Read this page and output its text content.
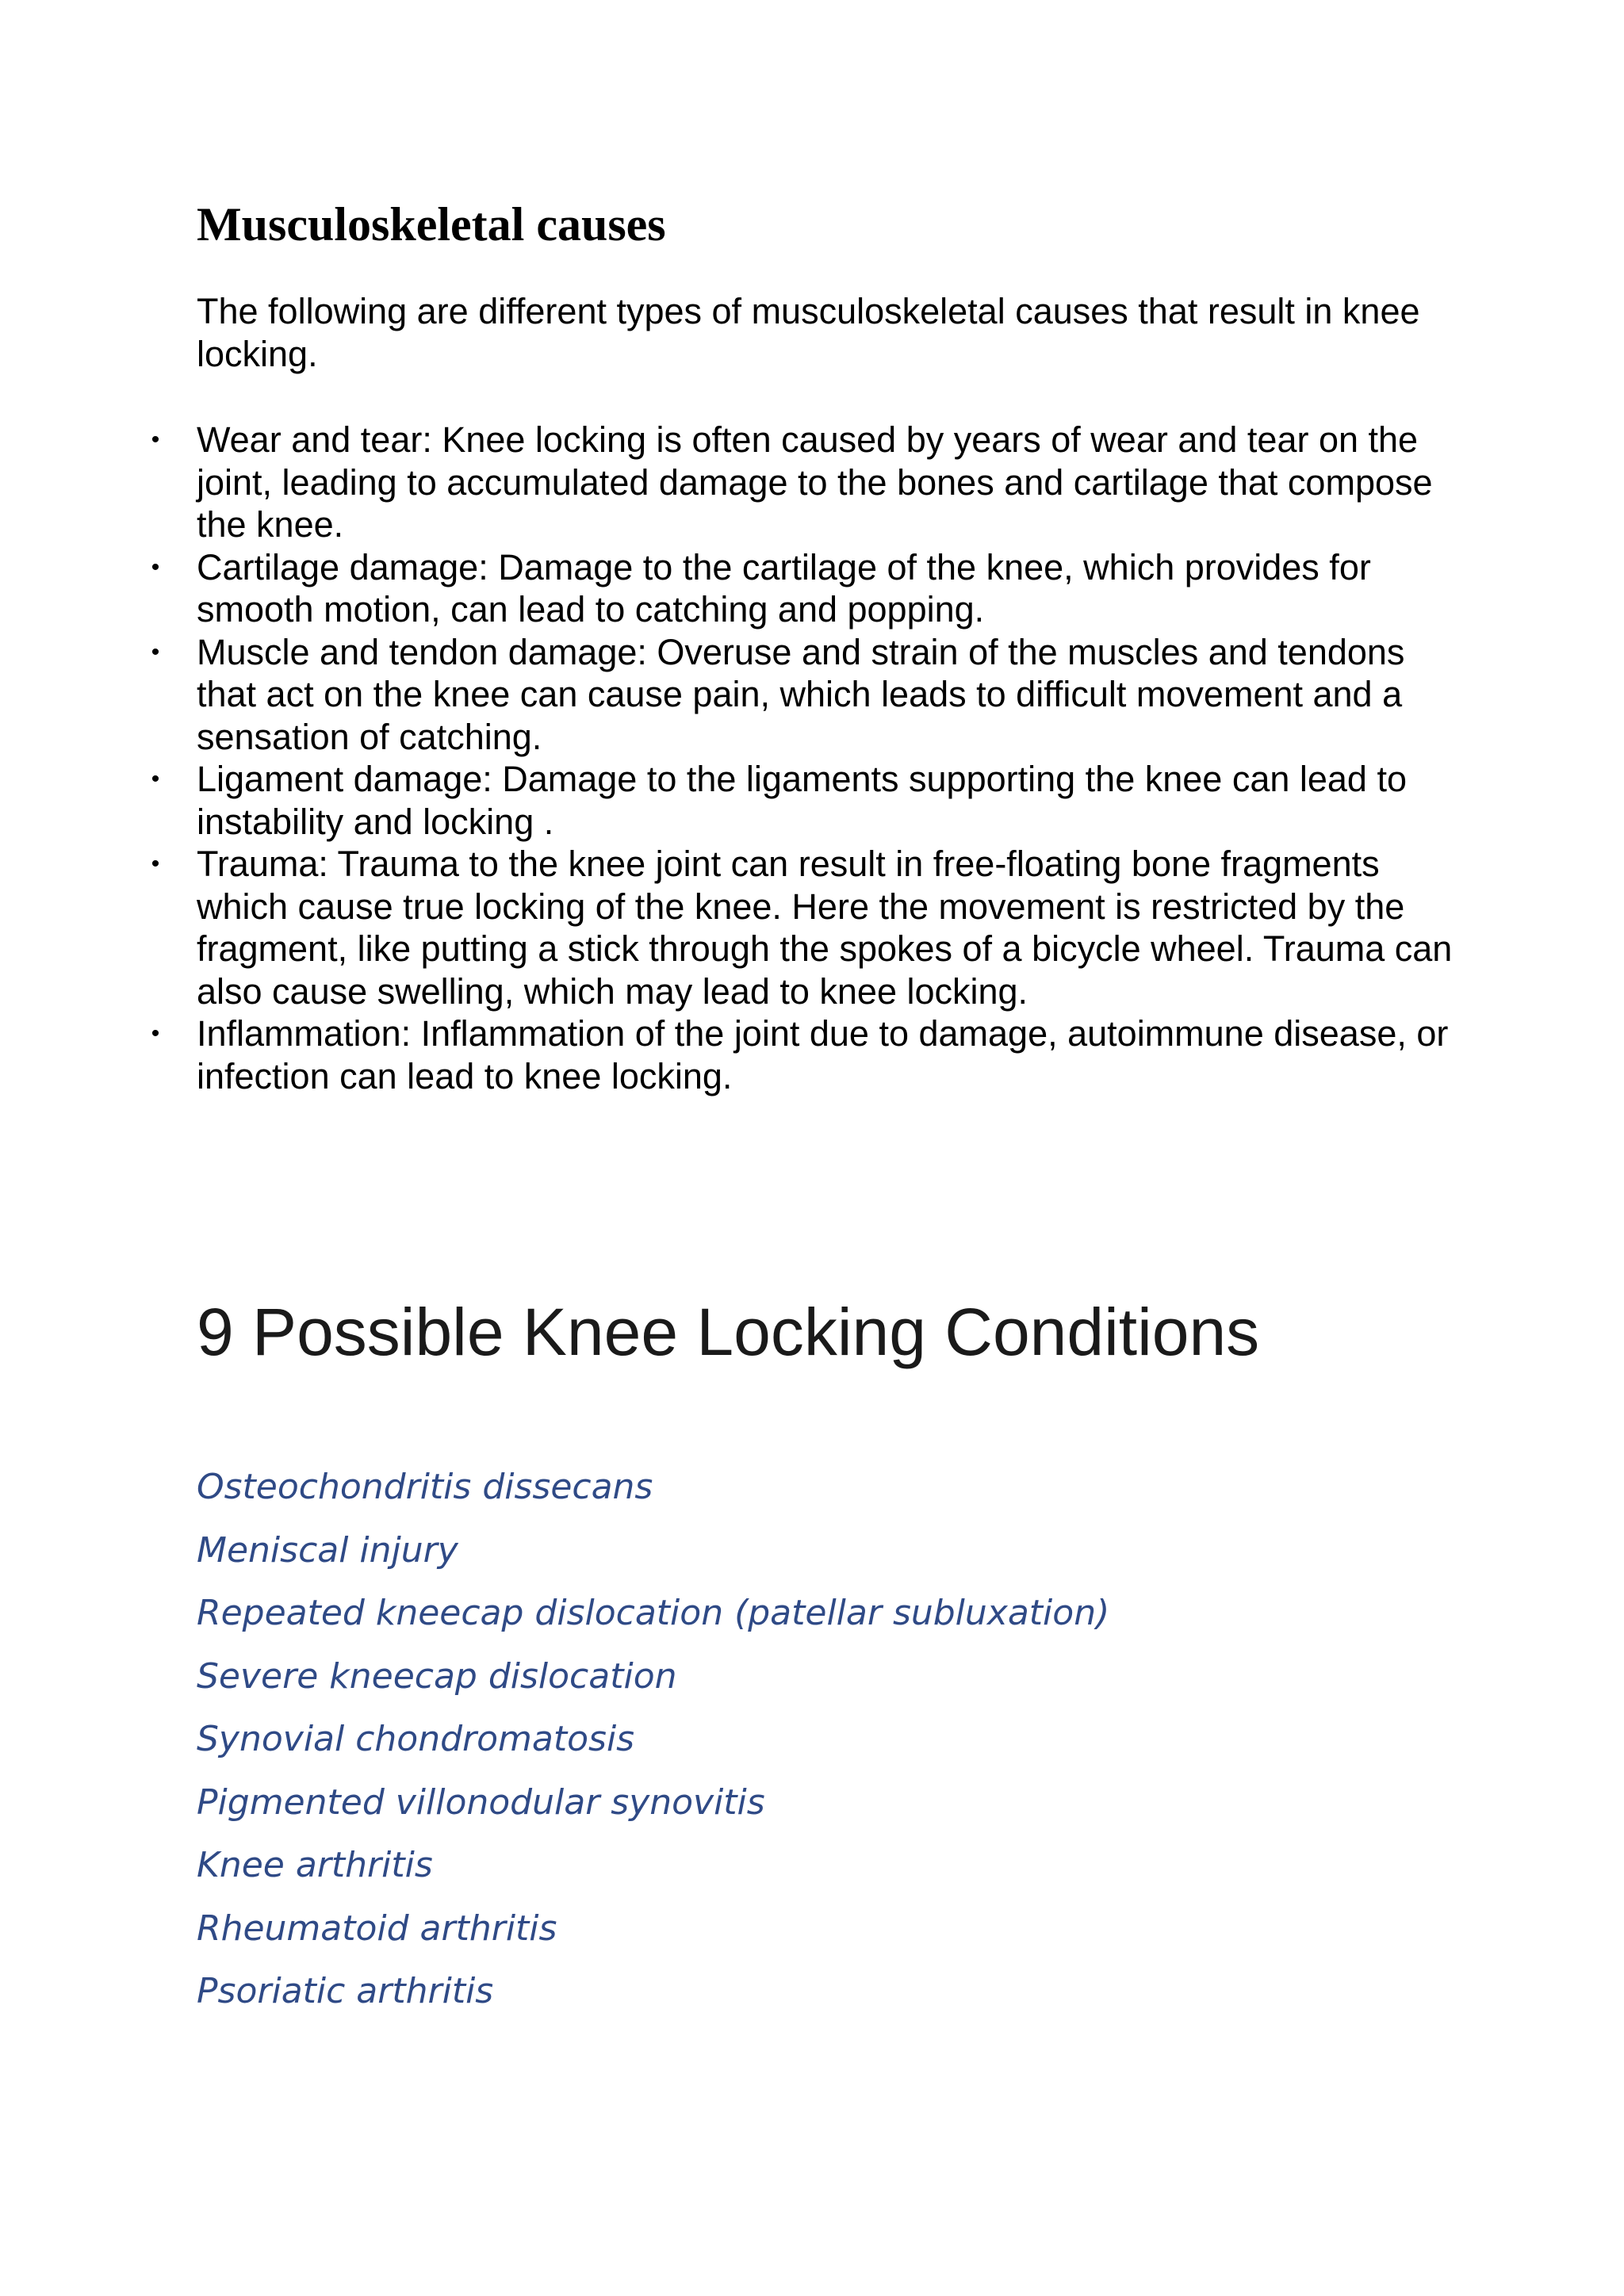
Musculoskeletal causes

The following are different types of musculoskeletal causes that result in knee locking.

• Wear and tear: Knee locking is often caused by years of wear and tear on the joint, leading to accumulated damage to the bones and cartilage that compose the knee.
• Cartilage damage: Damage to the cartilage of the knee, which provides for smooth motion, can lead to catching and popping.
• Muscle and tendon damage: Overuse and strain of the muscles and tendons that act on the knee can cause pain, which leads to difficult movement and a sensation of catching.
• Ligament damage: Damage to the ligaments supporting the knee can lead to instability and locking .
• Trauma: Trauma to the knee joint can result in free-floating bone fragments which cause true locking of the knee. Here the movement is restricted by the fragment, like putting a stick through the spokes of a bicycle wheel. Trauma can also cause swelling, which may lead to knee locking.
• Inflammation: Inflammation of the joint due to damage, autoimmune disease, or infection can lead to knee locking.
9 Possible Knee Locking Conditions
Osteochondritis dissecans
Meniscal injury
Repeated kneecap dislocation (patellar subluxation)
Severe kneecap dislocation
Synovial chondromatosis
Pigmented villonodular synovitis
Knee arthritis
Rheumatoid arthritis
Psoriatic arthritis
